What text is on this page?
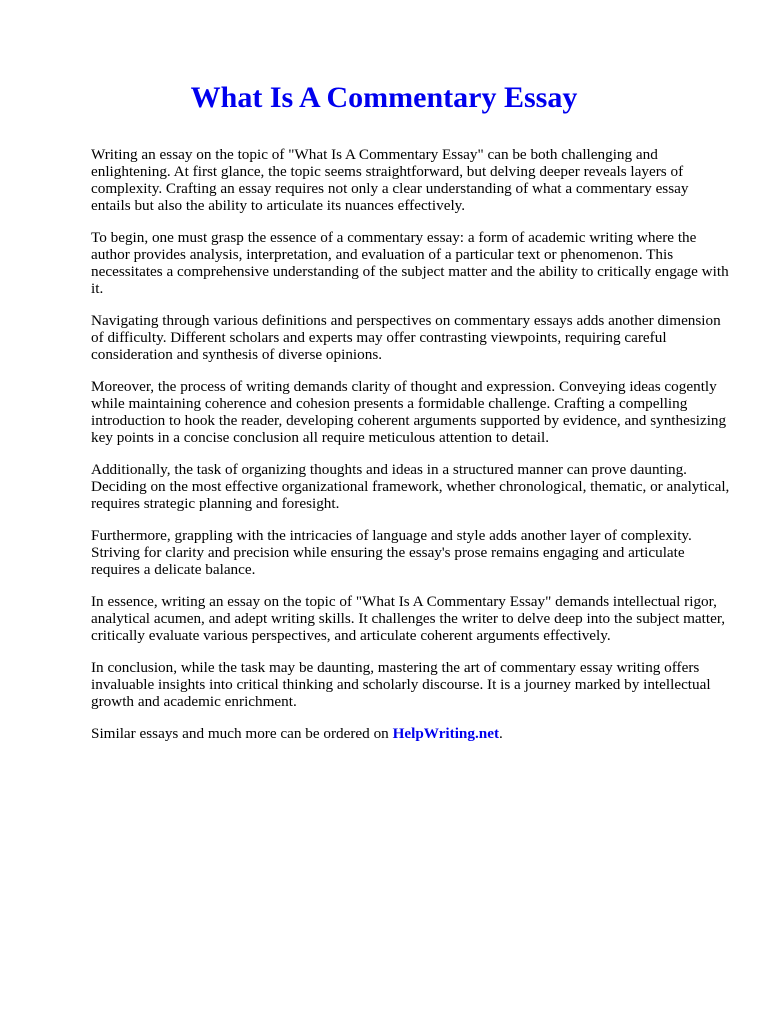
What Is A Commentary Essay

Writing an essay on the topic of "What Is A Commentary Essay" can be both challenging and enlightening. At first glance, the topic seems straightforward, but delving deeper reveals layers of complexity. Crafting an essay requires not only a clear understanding of what a commentary essay entails but also the ability to articulate its nuances effectively.

To begin, one must grasp the essence of a commentary essay: a form of academic writing where the author provides analysis, interpretation, and evaluation of a particular text or phenomenon. This necessitates a comprehensive understanding of the subject matter and the ability to critically engage with it.

Navigating through various definitions and perspectives on commentary essays adds another dimension of difficulty. Different scholars and experts may offer contrasting viewpoints, requiring careful consideration and synthesis of diverse opinions.

Moreover, the process of writing demands clarity of thought and expression. Conveying ideas cogently while maintaining coherence and cohesion presents a formidable challenge. Crafting a compelling introduction to hook the reader, developing coherent arguments supported by evidence, and synthesizing key points in a concise conclusion all require meticulous attention to detail.

Additionally, the task of organizing thoughts and ideas in a structured manner can prove daunting. Deciding on the most effective organizational framework, whether chronological, thematic, or analytical, requires strategic planning and foresight.

Furthermore, grappling with the intricacies of language and style adds another layer of complexity. Striving for clarity and precision while ensuring the essay's prose remains engaging and articulate requires a delicate balance.

In essence, writing an essay on the topic of "What Is A Commentary Essay" demands intellectual rigor, analytical acumen, and adept writing skills. It challenges the writer to delve deep into the subject matter, critically evaluate various perspectives, and articulate coherent arguments effectively.

In conclusion, while the task may be daunting, mastering the art of commentary essay writing offers invaluable insights into critical thinking and scholarly discourse. It is a journey marked by intellectual growth and academic enrichment.

Similar essays and much more can be ordered on HelpWriting.net.
